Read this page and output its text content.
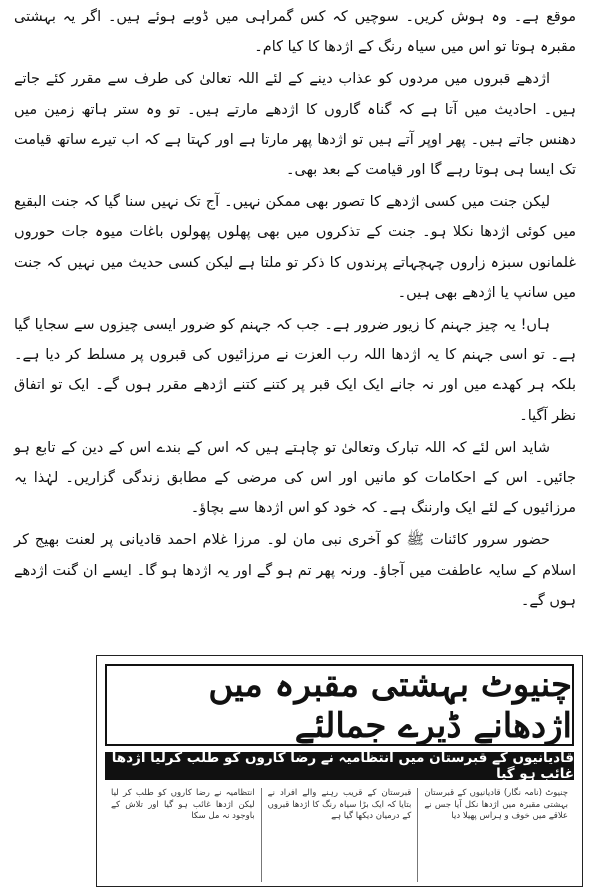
موقع ہے۔ وہ ہوش کریں۔ سوچیں کہ کس گمراہی میں ڈوبے ہوئے ہیں۔ اگر یہ بہشتی مقبرہ ہوتا تو اس میں سیاہ رنگ کے اژدھا کا کیا کام۔

اژدھے قبروں میں مردوں کو عذاب دینے کے لئے اللہ تعالیٰ کی طرف سے مقرر کئے جاتے ہیں۔ احادیث میں آتا ہے کہ گناہ گاروں کا اژدھے مارتے ہیں۔ تو وہ ستر ہاتھ زمین میں دھنس جاتے ہیں۔ پھر اوپر آتے ہیں تو اژدھا پھر مارتا ہے اور کہتا ہے کہ اب تیرے ساتھ قیامت تک ایسا ہی ہوتا رہے گا اور قیامت کے بعد بھی۔

لیکن جنت میں کسی اژدھے کا تصور بھی ممکن نہیں۔ آج تک نہیں سنا گیا کہ جنت البقیع میں کوئی اژدھا نکلا ہو۔ جنت کے تذکروں میں بھی پھلوں پھولوں باغات میوہ جات حوروں غلمانوں سبزہ زاروں چہچہاتے پرندوں کا ذکر تو ملتا ہے لیکن کسی حدیث میں نہیں کہ جنت میں سانپ یا اژدھے بھی ہیں۔

ہاں! یہ چیز جہنم کا زیور ضرور ہے۔ جب کہ جہنم کو ضرور ایسی چیزوں سے سجایا گیا ہے۔ تو اسی جہنم کا یہ اژدھا اللہ رب العزت نے مرزائیوں کی قبروں پر مسلط کر دیا ہے۔ بلکہ ہر کھدے میں اور نہ جانے ایک ایک قبر پر کتنے کتنے اژدھے مقرر ہوں گے۔ ایک تو اتفاق نظر آگیا۔

شاید اس لئے کہ اللہ تبارک وتعالیٰ تو چاہتے ہیں کہ اس کے بندے اس کے دین کے تابع ہو جائیں۔ اس کے احکامات کو مانیں اور اس کی مرضی کے مطابق زندگی گزاریں۔ لہٰذا یہ مرزائیوں کے لئے ایک وارننگ ہے۔ کہ خود کو اس اژدھا سے بچاؤ۔

حضور سرور کائنات ﷺ کو آخری نبی مان لو۔ مرزا غلام احمد قادیانی پر لعنت بھیج کر اسلام کے سایہ عاطفت میں آجاؤ۔ ورنہ پھر تم ہو گے اور یہ اژدھا ہو گا۔ ایسے ان گنت اژدھے ہوں گے۔

چنیوٹ بہشتی مقبرہ میں اژدھانے ڈیرے جمالئے
قادیانیوں کے قبرستان میں انتظامیہ نے رضا کاروں کو طلب کرلیا اژدھا غائب ہو گیا
چنیوٹ (نامہ نگار) قادیانیوں کے قبرستان بہشتی مقبرہ میں اژدھا نکل آیا جس نے علاقے میں خوف و ہراس پھیلا دیا
قبرستان کے قریب رہنے والے افراد نے بتایا کہ ایک بڑا سیاہ رنگ کا اژدھا قبروں کے درمیان دیکھا گیا ہے
انتظامیہ نے رضا کاروں کو طلب کر لیا لیکن اژدھا غائب ہو گیا اور تلاش کے باوجود نہ مل سکا
